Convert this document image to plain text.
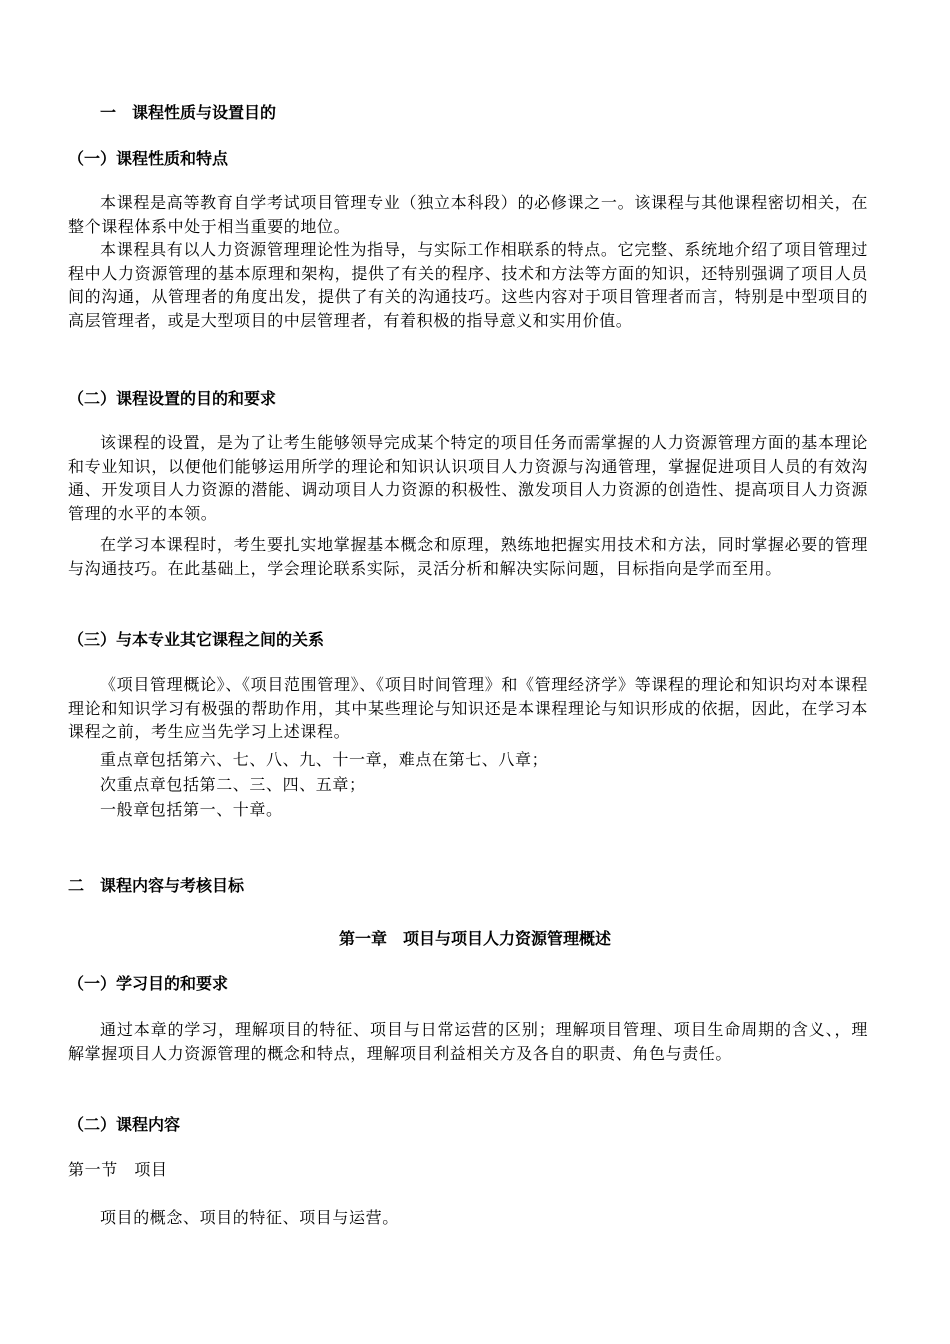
一　课程性质与设置目的
（一）课程性质和特点
本课程是高等教育自学考试项目管理专业（独立本科段）的必修课之一。该课程与其他课程密切相关，在整个课程体系中处于相当重要的地位。
本课程具有以人力资源管理理论性为指导，与实际工作相联系的特点。它完整、系统地介绍了项目管理过程中人力资源管理的基本原理和架构，提供了有关的程序、技术和方法等方面的知识，还特别强调了项目人员间的沟通，从管理者的角度出发，提供了有关的沟通技巧。这些内容对于项目管理者而言，特别是中型项目的高层管理者，或是大型项目的中层管理者，有着积极的指导意义和实用价值。
（二）课程设置的目的和要求
该课程的设置，是为了让考生能够领导完成某个特定的项目任务而需掌握的人力资源管理方面的基本理论和专业知识，以便他们能够运用所学的理论和知识认识项目人力资源与沟通管理，掌握促进项目人员的有效沟通、开发项目人力资源的潜能、调动项目人力资源的积极性、激发项目人力资源的创造性、提高项目人力资源管理的水平的本领。
在学习本课程时，考生要扎实地掌握基本概念和原理，熟练地把握实用技术和方法，同时掌握必要的管理与沟通技巧。在此基础上，学会理论联系实际，灵活分析和解决实际问题，目标指向是学而至用。
（三）与本专业其它课程之间的关系
《项目管理概论》、《项目范围管理》、《项目时间管理》和《管理经济学》等课程的理论和知识均对本课程理论和知识学习有极强的帮助作用，其中某些理论与知识还是本课程理论与知识形成的依据，因此，在学习本课程之前，考生应当先学习上述课程。
重点章包括第六、七、八、九、十一章，难点在第七、八章；
次重点章包括第二、三、四、五章；
一般章包括第一、十章。
二　课程内容与考核目标
第一章　项目与项目人力资源管理概述
（一）学习目的和要求
通过本章的学习，理解项目的特征、项目与日常运营的区别；理解项目管理、项目生命周期的含义、，理解掌握项目人力资源管理的概念和特点，理解项目利益相关方及各自的职责、角色与责任。
（二）课程内容
第一节　项目
项目的概念、项目的特征、项目与运营。
